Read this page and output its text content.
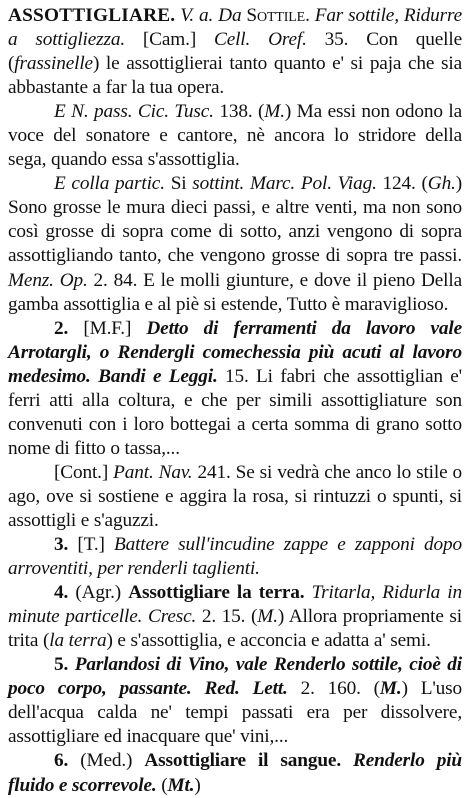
ASSOTTIGLIARE. V. a. Da Sottile. Far sottile, Ridurre a sottigliezza. [Cam.] Cell. Oref. 35. Con quelle (frassinelle) le assottiglierai tanto quanto e' si paja che sia abbastante a far la tua opera.

E N. pass. Cic. Tusc. 138. (M.) Ma essi non odono la voce del sonatore e cantore, nè ancora lo stridore della sega, quando essa s'assottiglia.

E colla partic. Si sottint. Marc. Pol. Viag. 124. (Gh.) Sono grosse le mura dieci passi, e altre venti, ma non sono così grosse di sopra come di sotto, anzi vengono di sopra assottigliando tanto, che vengono grosse di sopra tre passi. Menz. Op. 2. 84. E le molli giunture, e dove il pieno Della gamba assottiglia e al piè si estende, Tutto è maraviglioso.

2. [M.F.] Detto di ferramenti da lavoro vale Arrotargli, o Rendergli comechessia più acuti al lavoro medesimo. Bandi e Leggi. 15. Li fabri che assottiglian e' ferri atti alla coltura, e che per simili assottigliature son convenuti con i loro bottegai a certa somma di grano sotto nome di fitto o tassa,...

[Cont.] Pant. Nav. 241. Se si vedrà che anco lo stile o ago, ove si sostiene e aggira la rosa, si rintuzzi o spunti, si assottigli e s'aguzzi.

3. [T.] Battere sull'incudine zappe e zapponi dopo arroventiti, per renderli taglienti.

4. (Agr.) Assottigliare la terra. Tritarla, Ridurla in minute particelle. Cresc. 2. 15. (M.) Allora propriamente si trita (la terra) e s'assottiglia, e acconcia e adatta a' semi.

5. Parlandosi di Vino, vale Renderlo sottile, cioè di poco corpo, passante. Red. Lett. 2. 160. (M.) L'uso dell'acqua calda ne' tempi passati era per dissolvere, assottigliare ed inacquare que' vini,...

6. (Med.) Assottigliare il sangue. Renderlo più fluido e scorrevole. (Mt.)
